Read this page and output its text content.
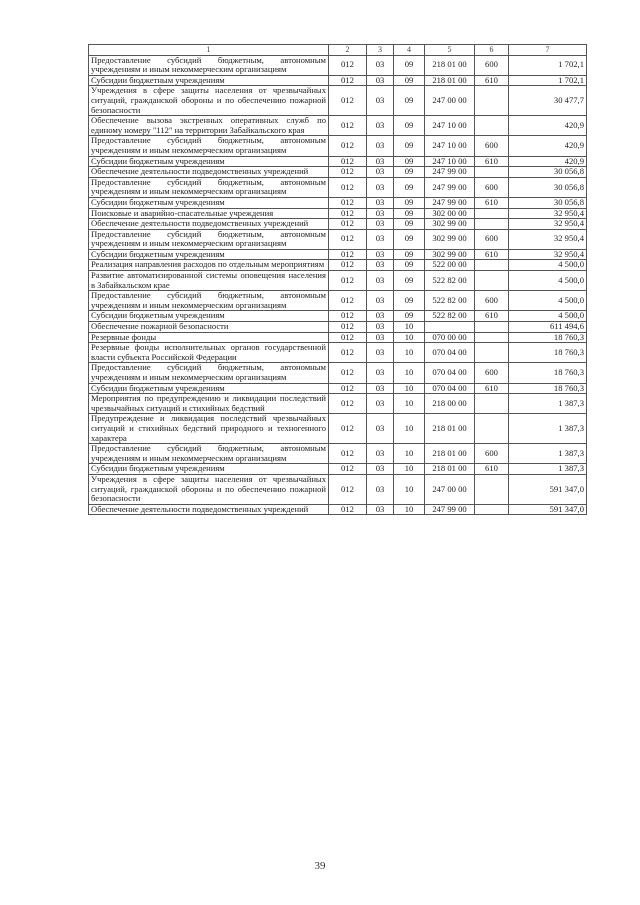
1	2	3	4	5	6	7
Предоставление субсидий бюджетным, автономным учреждениям и иным некоммерческим организациям	012	03	09	218 01 00	600	1 702,1
Субсидии бюджетным учреждениям	012	03	09	218 01 00	610	1 702,1
Учреждения в сфере защиты населения от чрезвычайных ситуаций, гражданской обороны и по обеспечению пожарной безопасности	012	03	09	247 00 00		30 477,7
Обеспечение вызова экстренных оперативных служб по единому номеру "112" на территории Забайкальского края	012	03	09	247 10 00		420,9
Предоставление субсидий бюджетным, автономным учреждениям и иным некоммерческим организациям	012	03	09	247 10 00	600	420,9
Субсидии бюджетным учреждениям	012	03	09	247 10 00	610	420,9
Обеспечение деятельности подведомственных учреждений	012	03	09	247 99 00		30 056,8
Предоставление субсидий бюджетным, автономным учреждениям и иным некоммерческим организациям	012	03	09	247 99 00	600	30 056,8
Субсидии бюджетным учреждениям	012	03	09	247 99 00	610	30 056,8
Поисковые и аварийно-спасательные учреждения	012	03	09	302 00 00		32 950,4
Обеспечение деятельности подведомственных учреждений	012	03	09	302 99 00		32 950,4
Предоставление субсидий бюджетным, автономным учреждениям и иным некоммерческим организациям	012	03	09	302 99 00	600	32 950,4
Субсидии бюджетным учреждениям	012	03	09	302 99 00	610	32 950,4
Реализация направления расходов по отдельным мероприятиям	012	03	09	522 00 00		4 500,0
Развитие автоматизированной системы оповещения населения в Забайкальском крае	012	03	09	522 82 00		4 500,0
Предоставление субсидий бюджетным, автономным учреждениям и иным некоммерческим организациям	012	03	09	522 82 00	600	4 500,0
Субсидии бюджетным учреждениям	012	03	09	522 82 00	610	4 500,0
Обеспечение пожарной безопасности	012	03	10			611 494,6
Резервные фонды	012	03	10	070 00 00		18 760,3
Резервные фонды исполнительных органов государственной власти субъекта Российской Федерации	012	03	10	070 04 00		18 760,3
Предоставление субсидий бюджетным, автономным учреждениям и иным некоммерческим организациям	012	03	10	070 04 00	600	18 760,3
Субсидии бюджетным учреждениям	012	03	10	070 04 00	610	18 760,3
Мероприятия по предупреждению и ликвидации последствий чрезвычайных ситуаций и стихийных бедствий	012	03	10	218 00 00		1 387,3
Предупреждение и ликвидация последствий чрезвычайных ситуаций и стихийных бедствий природного и техногенного характера	012	03	10	218 01 00		1 387,3
Предоставление субсидий бюджетным, автономным учреждениям и иным некоммерческим организациям	012	03	10	218 01 00	600	1 387,3
Субсидии бюджетным учреждениям	012	03	10	218 01 00	610	1 387,3
Учреждения в сфере защиты населения от чрезвычайных ситуаций, гражданской обороны и по обеспечению пожарной безопасности	012	03	10	247 00 00		591 347,0
Обеспечение деятельности подведомственных учреждений	012	03	10	247 99 00		591 347,0
39
